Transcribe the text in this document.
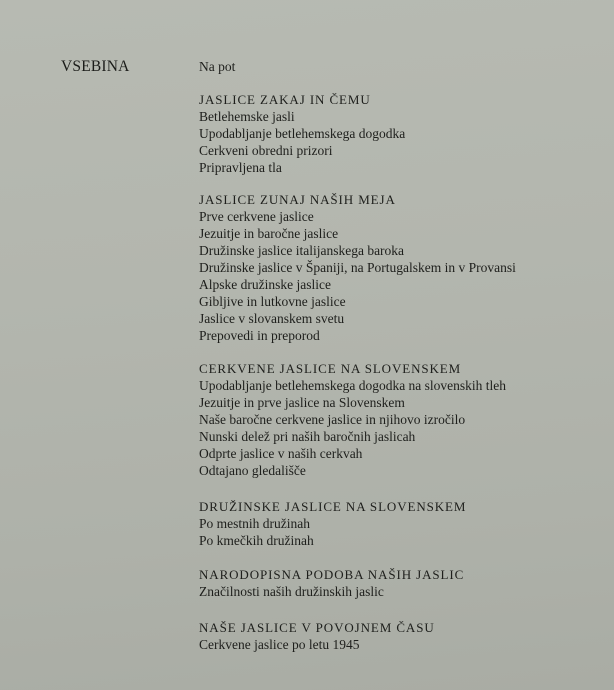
VSEBINA	Na pot
JASLICE ZAKAJ IN ČEMU
Betlehemske jasli
Upodabljanje betlehemskega dogodka
Cerkveni obredni prizori
Pripravljena tla
JASLICE ZUNAJ NAŠIH MEJA
Prve cerkvene jaslice
Jezuitje in baročne jaslice
Družinske jaslice italijanskega baroka
Družinske jaslice v Španiji, na Portugalskem in v Provansi
Alpske družinske jaslice
Gibljive in lutkovne jaslice
Jaslice v slovanskem svetu
Prepovedi in preporod
CERKVENE JASLICE NA SLOVENSKEM
Upodabljanje betlehemskega dogodka na slovenskih tleh
Jezuitje in prve jaslice na Slovenskem
Naše baročne cerkvene jaslice in njihovo izročilo
Nunski delež pri naših baročnih jaslicah
Odprte jaslice v naših cerkvah
Odtajano gledališče
DRUŽINSKE JASLICE NA SLOVENSKEM
Po mestnih družinah
Po kmečkih družinah
NARODOPISNA PODOBA NAŠIH JASLIC
Značilnosti naših družinskih jaslic
NAŠE JASLICE V POVOJNEM ČASU
Cerkvene jaslice po letu 1945
